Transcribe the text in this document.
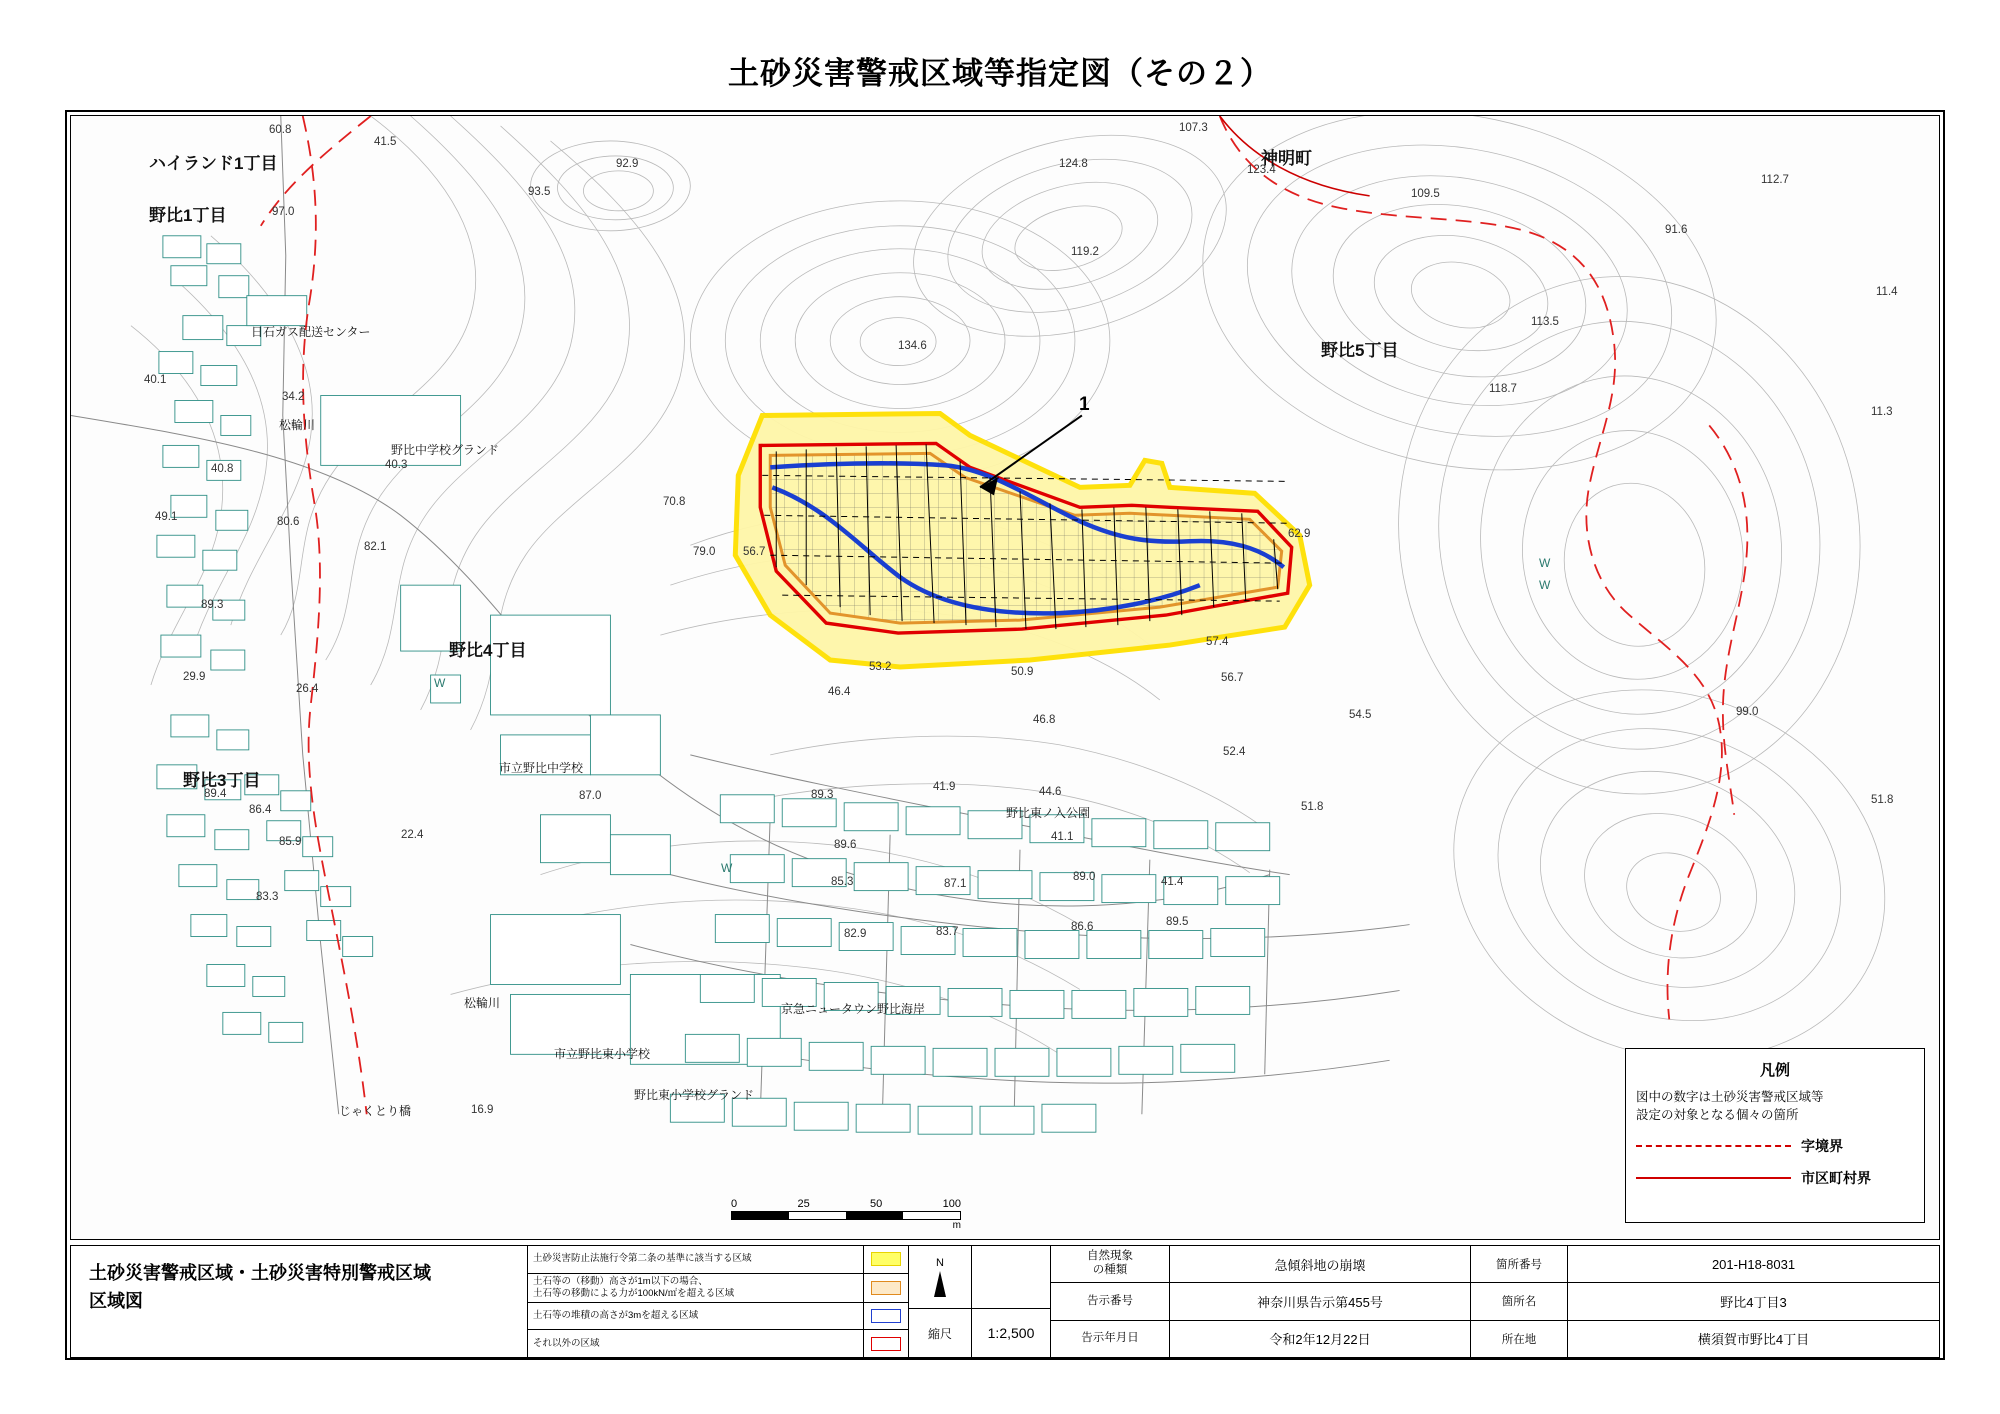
土砂災害警戒区域等指定図（その２）
ハイランド1丁目
野比1丁目
神明町
野比5丁目
野比4丁目
野比3丁目
日石ガス配送センター
松輪川
野比中学校グランド
市立野比中学校
野比東ノ入公園
京急ニュータウン野比海岸
市立野比東小学校
野比東小学校グランド
松輪川
じゃくとり橋
W
W
W
W
1
60.8
41.5
92.9
93.5
124.8
107.3
123.4
109.5
112.7
91.6
97.0
119.2
113.5
11.4
118.7
11.3
134.6
40.1
34.2
40.3
40.8
49.1	80.6
82.1
70.8
79.0 56.7
62.9
89.3
29.9
26.4
53.2	50.9
57.4
56.7
54.5
46.4
46.8
52.4
99.0
89.4
86.4
87.0	89.3
41.9	44.6
51.8
51.8
85.9
22.4
89.6
41.1
85.3	87.1
89.0	41.4
83.3
82.9	83.7	86.6	89.5
16.9
凡例
図中の数字は土砂災害警戒区域等
設定の対象となる個々の箇所
字境界
市区町村界
0	25	50	100
m
土砂災害警戒区域・土砂災害特別警戒区域
区域図
土砂災害防止法施行令第二条の基準に該当する区域
土石等の（移動）高さが1m以下の場合、
土石等の移動による力が100kN/㎡を超える区域
土石等の堆積の高さが3mを超える区域
それ以外の区域
N
縮尺	1:2,500
自然現象
の種類	急傾斜地の崩壊	箇所番号	201-H18-8031
告示番号	神奈川県告示第455号	箇所名	野比4丁目3
告示年月日	令和2年12月22日	所在地	横須賀市野比4丁目
